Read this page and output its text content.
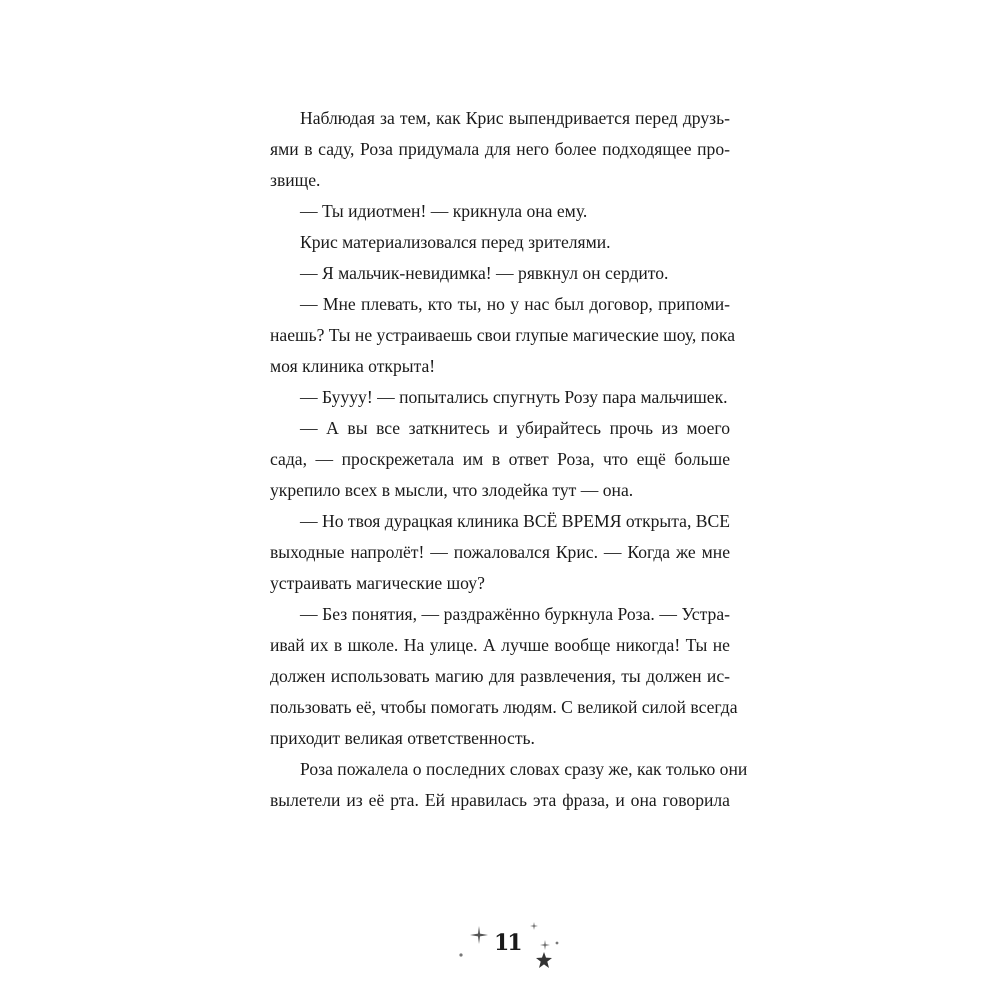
Наблюдая за тем, как Крис выпендривается перед друзь-
ями в саду, Роза придумала для него более подходящее про-
звище.
— Ты идиотмен! — крикнула она ему.
Крис материализовался перед зрителями.
— Я мальчик-невидимка! — рявкнул он сердито.
— Мне плевать, кто ты, но у нас был договор, припоми-
наешь? Ты не устраиваешь свои глупые магические шоу, пока
моя клиника открыта!
— Буууу! — попытались спугнуть Розу пара мальчишек.
— А вы все заткнитесь и убирайтесь прочь из моего
сада, — проскрежетала им в ответ Роза, что ещё больше
укрепило всех в мысли, что злодейка тут — она.
— Но твоя дурацкая клиника ВСЁ ВРЕМЯ открыта, ВСЕ
выходные напролёт! — пожаловался Крис. — Когда же мне
устраивать магические шоу?
— Без понятия, — раздражённо буркнула Роза. — Устра-
ивай их в школе. На улице. А лучше вообще никогда! Ты не
должен использовать магию для развлечения, ты должен ис-
пользовать её, чтобы помогать людям. С великой силой всегда
приходит великая ответственность.
Роза пожалела о последних словах сразу же, как только они
вылетели из её рта. Ей нравилась эта фраза, и она говорила
11
